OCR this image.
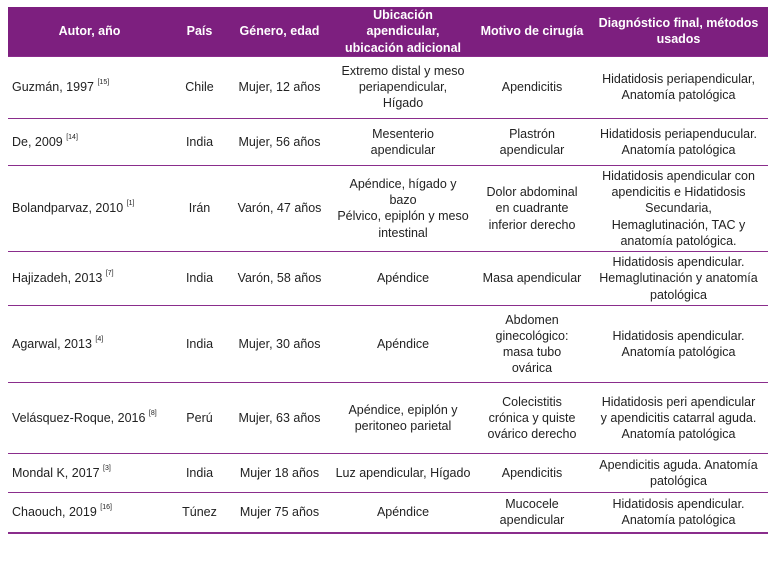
Autor, año	País	Género, edad	Ubicación apendicular,
ubicación adicional	Motivo de cirugía	Diagnóstico final, métodos
usados
Guzmán, 1997 [15]	Chile	Mujer, 12 años	Extremo distal y meso
periapendicular,
Hígado	Apendicitis	Hidatidosis periapendicular,
Anatomía patológica
De, 2009 [14]	India	Mujer, 56 años	Mesenterio
apendicular	Plastrón
apendicular	Hidatidosis periapenducular.
Anatomía patológica
Bolandparvaz, 2010 [1]	Irán	Varón, 47 años	Apéndice, hígado y
bazo
Pélvico, epiplón y meso
intestinal	Dolor abdominal
en cuadrante
inferior derecho	Hidatidosis apendicular con
apendicitis e Hidatidosis
Secundaria,
Hemaglutinación, TAC y
anatomía patológica.
Hajizadeh, 2013 [7]	India	Varón, 58 años	Apéndice	Masa apendicular	Hidatidosis apendicular.
Hemaglutinación y anatomía
patológica
Agarwal, 2013 [4]	India	Mujer, 30 años	Apéndice	Abdomen
ginecológico:
masa tubo
ovárica	Hidatidosis apendicular.
Anatomía patológica
Velásquez-Roque, 2016 [8]	Perú	Mujer, 63 años	Apéndice, epiplón y
peritoneo parietal	Colecistitis
crónica y quiste
ovárico derecho	Hidatidosis peri apendicular
y apendicitis catarral aguda.
Anatomía patológica
Mondal K, 2017 [3]	India	Mujer 18 años	Luz apendicular, Hígado	Apendicitis	Apendicitis aguda. Anatomía
patológica
Chaouch, 2019 [16]	Túnez	Mujer 75 años	Apéndice	Mucocele
apendicular	Hidatidosis apendicular.
Anatomía patológica
